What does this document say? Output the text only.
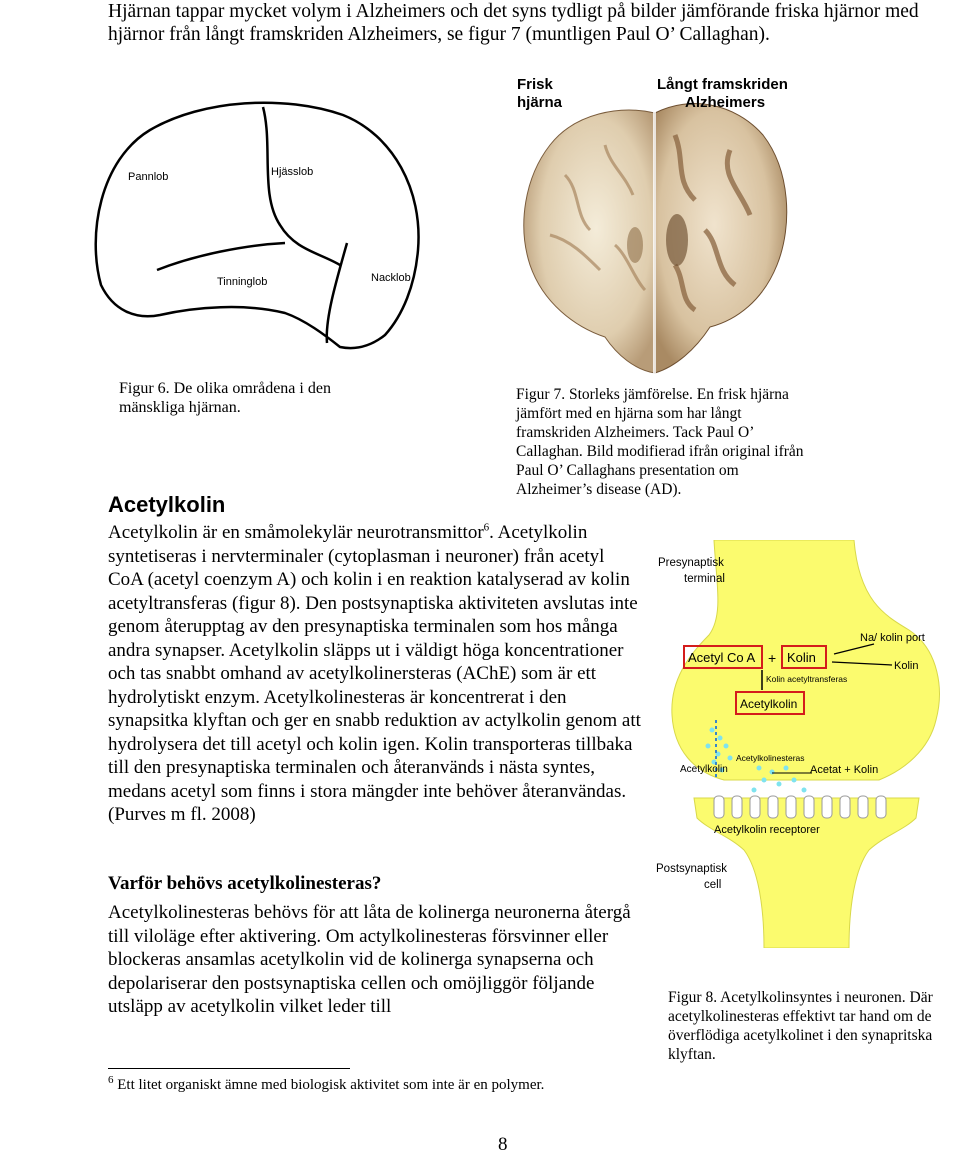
Hjärnan tappar mycket volym i Alzheimers och det syns tydligt på bilder jämförande friska hjärnor med hjärnor från långt framskriden Alzheimers, se figur 7 (muntligen Paul O’ Callaghan).
Pannlob	Hjässlob
Tinninglob	Nacklob
Figur 6. De olika områdena i den mänskliga hjärnan.
Frisk
hjärna
Långt framskriden
Alzheimers
Figur 7. Storleks jämförelse. En frisk hjärna jämfört med en hjärna som har långt framskriden Alzheimers. Tack Paul O’ Callaghan. Bild modifierad ifrån original ifrån Paul O’ Callaghans presentation om Alzheimer’s disease (AD).
Acetylkolin
Acetylkolin är en småmolekylär neurotransmittor$^6$. Acetylkolin syntetiseras i nervterminaler (cytoplasman i neuroner) från acetyl CoA (acetyl coenzym A) och kolin i en reaktion katalyserad av kolin acetyltransferas (figur 8). Den postsynaptiska aktiviteten avslutas inte genom återupptag av den presynaptiska terminalen som hos många andra synapser. Acetylkolin släpps ut i väldigt höga koncentrationer och tas snabbt omhand av acetylkolinersteras (AChE) som är ett hydrolytiskt enzym. Acetylkolinesteras är koncentrerat i den synapsitka klyftan och ger en snabb reduktion av actylkolin genom att hydrolysera det till acetyl och kolin igen. Kolin transporteras tillbaka till den presynaptiska terminalen och återanvänds i nästa syntes, medans acetyl som finns i stora mängder inte behöver återanvändas. (Purves m fl. 2008)
Varför behövs acetylkolinesteras?
Acetylkolinesteras behövs för att låta de kolinerga neuronerna återgå till viloläge efter aktivering. Om actylkolinesteras försvinner eller blockeras ansamlas acetylkolin vid de kolinerga synapserna och depolariserar den postsynaptiska cellen och omöjliggör följande utsläpp av acetylkolin vilket leder till
Presynaptisk
terminal
Na/ kolin port
Kolin
Acetyl Co A + Kolin
Kolin acetyltransferas
Acetylkolin
Acetylkolinesteras
Acetylkolin	Acetat + Kolin
Acetylkolin receptorer
Postsynaptisk
cell
Figur 8. Acetylkolinsyntes i neuronen. Där acetylkolinesteras effektivt tar hand om de överflödiga acetylkolinet i den synapritska klyftan.
$^6$ Ett litet organiskt ämne med biologisk aktivitet som inte är en polymer.
8
